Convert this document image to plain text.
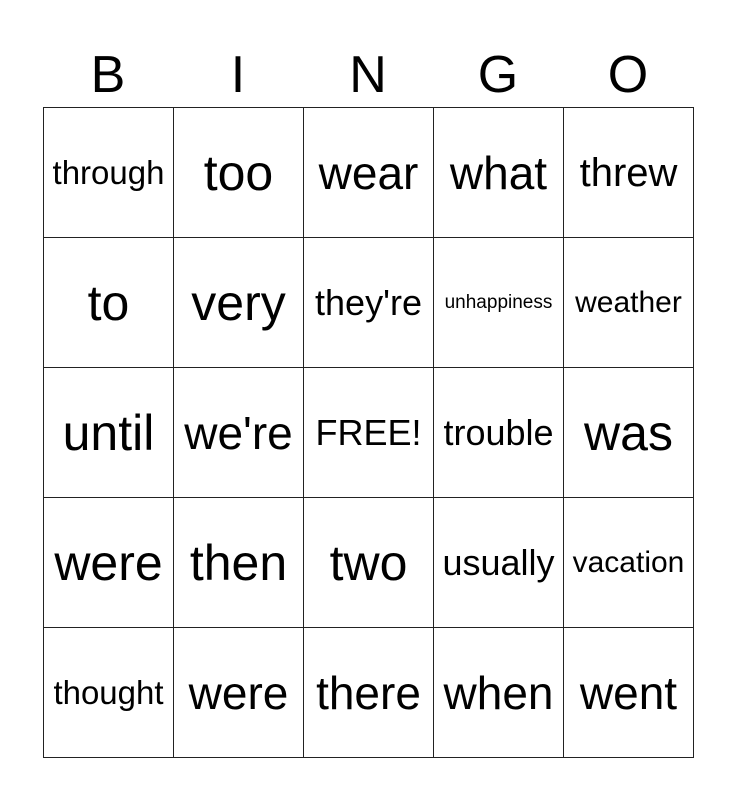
B	I	N	G	O
through too wear what threw
to	very they're	unhappiness weather
until we're FREE! trouble was
were then two usually vacation
thought were there when went
